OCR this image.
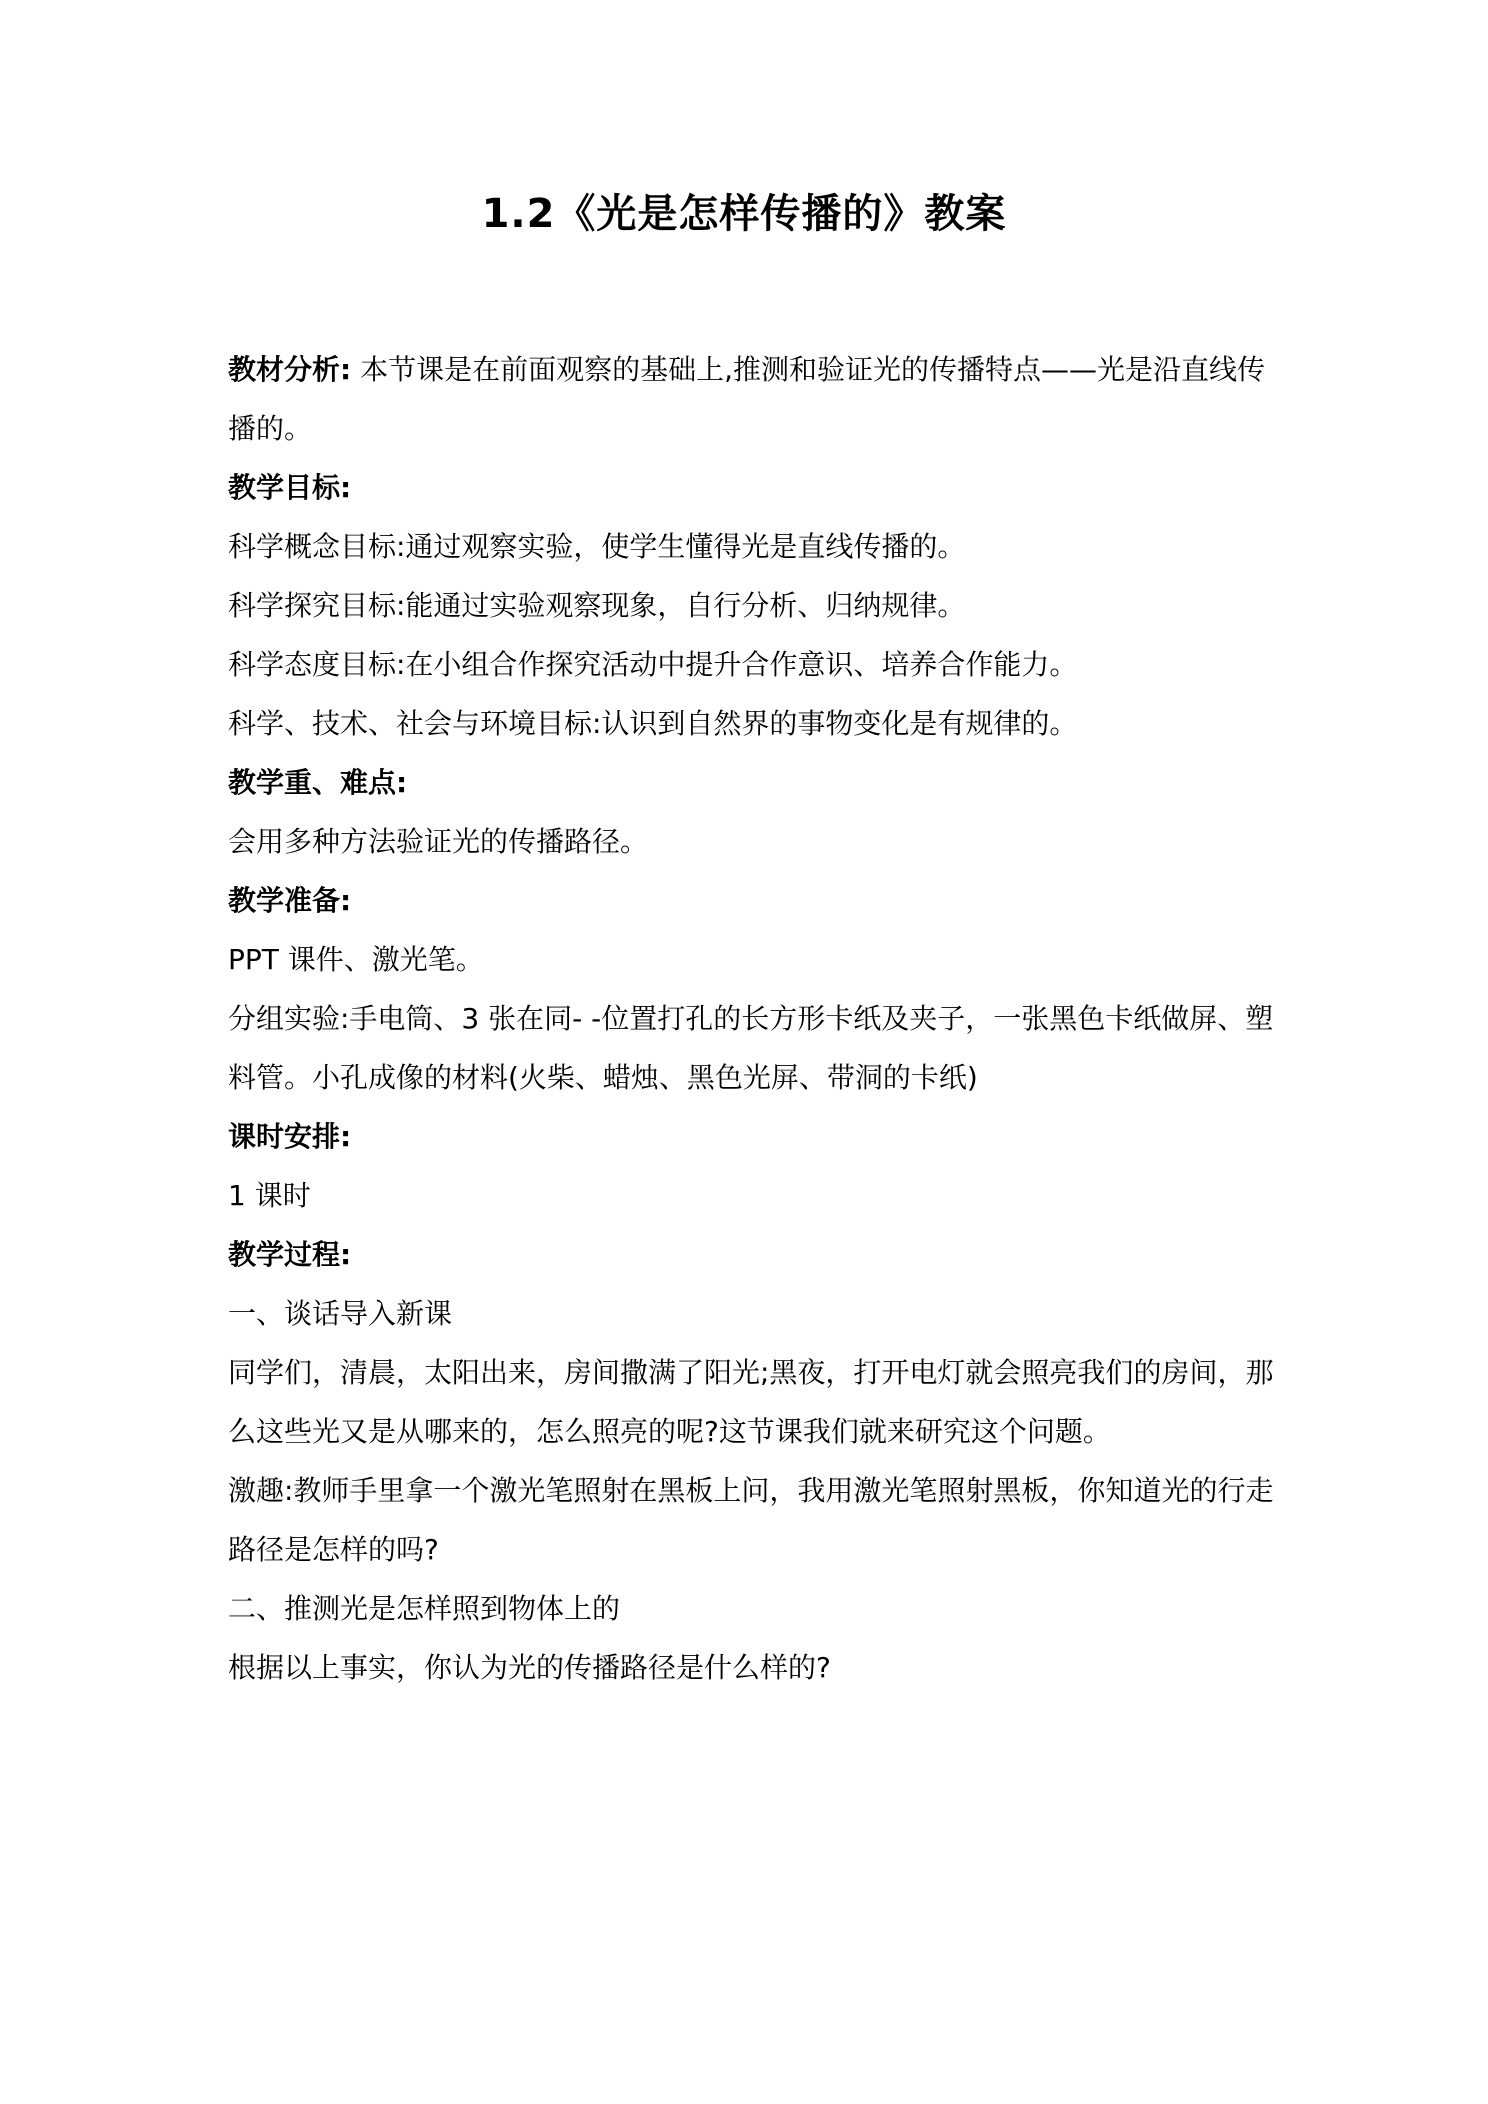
1.2《光是怎样传播的》教案

教材分析: 本节课是在前面观察的基础上,推测和验证光的传播特点——光是沿直线传播的。

教学目标:

科学概念目标:通过观察实验，使学生懂得光是直线传播的。

科学探究目标:能通过实验观察现象，自行分析、归纳规律。

科学态度目标:在小组合作探究活动中提升合作意识、培养合作能力。

科学、技术、社会与环境目标:认识到自然界的事物变化是有规律的。

教学重、难点:

会用多种方法验证光的传播路径。

教学准备:

PPT 课件、激光笔。

分组实验:手电筒、3 张在同- -位置打孔的长方形卡纸及夹子，一张黑色卡纸做屏、塑料管。小孔成像的材料(火柴、蜡烛、黑色光屏、带洞的卡纸)

课时安排:

1 课时

教学过程:

一、谈话导入新课

同学们，清晨，太阳出来，房间撒满了阳光;黑夜，打开电灯就会照亮我们的房间，那么这些光又是从哪来的，怎么照亮的呢?这节课我们就来研究这个问题。

激趣:教师手里拿一个激光笔照射在黑板上问，我用激光笔照射黑板，你知道光的行走路径是怎样的吗?

二、推测光是怎样照到物体上的

根据以上事实，你认为光的传播路径是什么样的?
